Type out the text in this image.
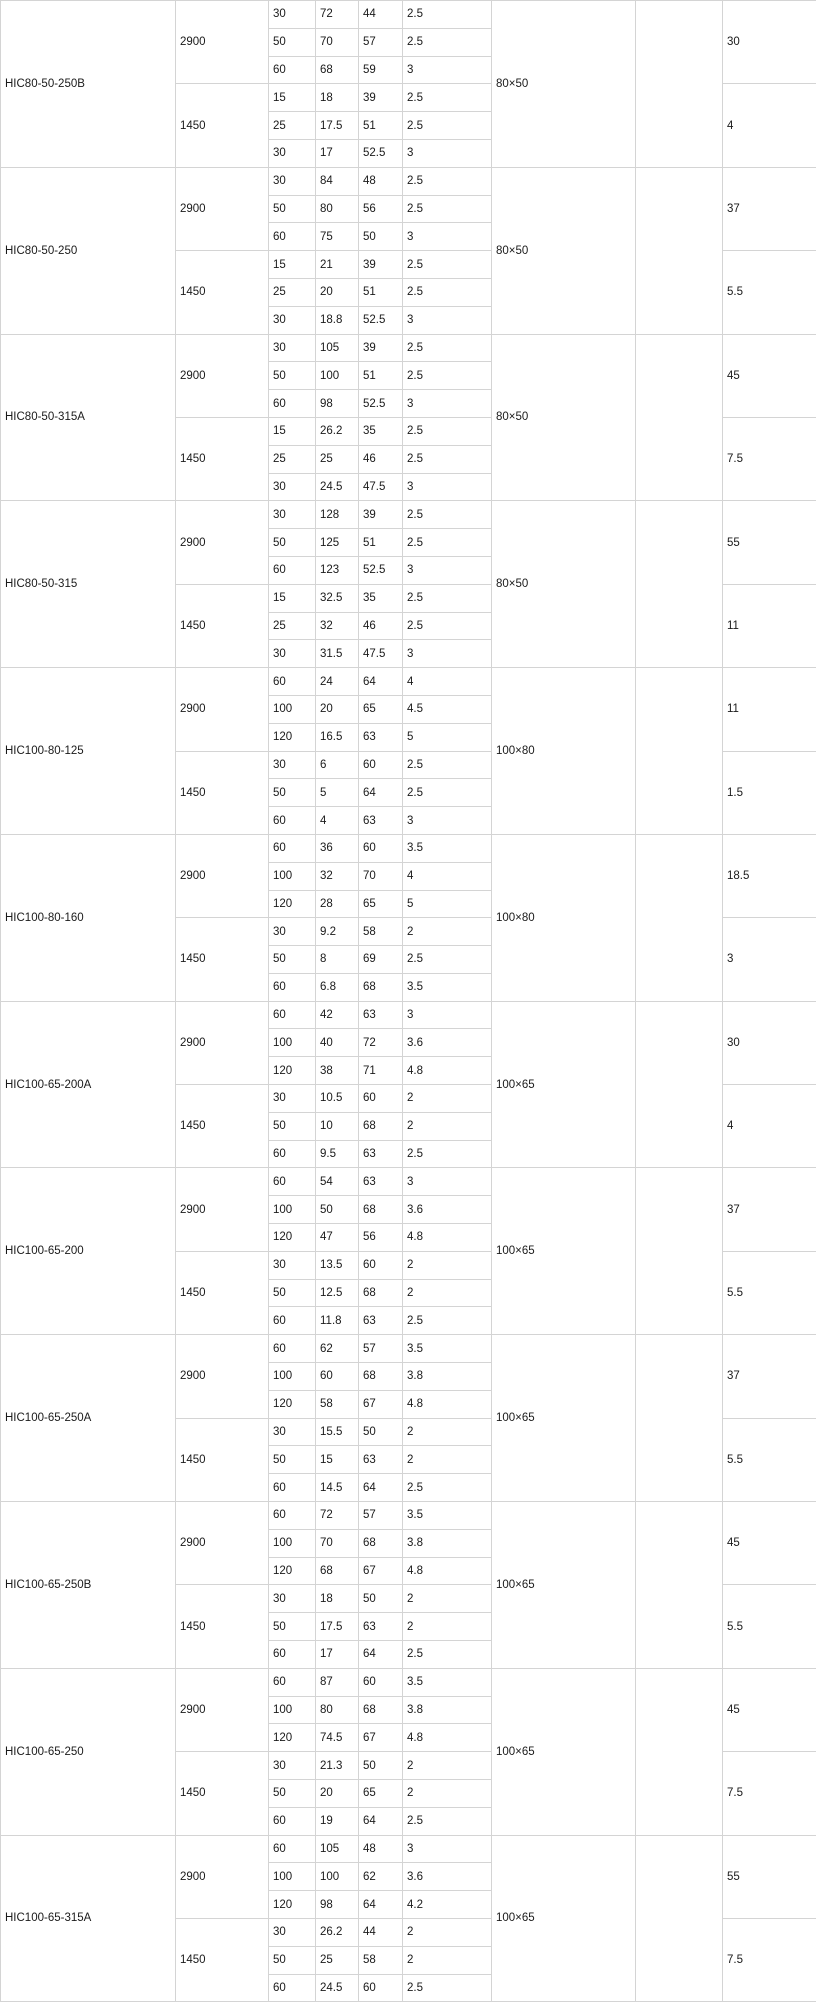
HIC80-50-250B	2900	30	72	44	2.5	80×50		30	
		50	70	57	2.5				
		60	68	59	3				
	1450	15	18	39	2.5			4	
		25	17.5	51	2.5				
		30	17	52.5	3				
HIC80-50-250	2900	30	84	48	2.5	80×50		37	
		50	80	56	2.5				
		60	75	50	3				
	1450	15	21	39	2.5			5.5	
		25	20	51	2.5				
		30	18.8	52.5	3				
HIC80-50-315A	2900	30	105	39	2.5	80×50		45	
		50	100	51	2.5				
		60	98	52.5	3				
	1450	15	26.2	35	2.5			7.5	
		25	25	46	2.5				
		30	24.5	47.5	3				
HIC80-50-315	2900	30	128	39	2.5	80×50		55	
		50	125	51	2.5				
		60	123	52.5	3				
	1450	15	32.5	35	2.5			11	
		25	32	46	2.5				
		30	31.5	47.5	3				
HIC100-80-125	2900	60	24	64	4	100×80		11	
		100	20	65	4.5				
		120	16.5	63	5				
	1450	30	6	60	2.5			1.5	
		50	5	64	2.5				
		60	4	63	3				
HIC100-80-160	2900	60	36	60	3.5	100×80		18.5	
		100	32	70	4				
		120	28	65	5				
	1450	30	9.2	58	2			3	
		50	8	69	2.5				
		60	6.8	68	3.5				
HIC100-65-200A	2900	60	42	63	3	100×65		30	
		100	40	72	3.6				
		120	38	71	4.8				
	1450	30	10.5	60	2			4	
		50	10	68	2				
		60	9.5	63	2.5				
HIC100-65-200	2900	60	54	63	3	100×65		37	
		100	50	68	3.6				
		120	47	56	4.8				
	1450	30	13.5	60	2			5.5	
		50	12.5	68	2				
		60	11.8	63	2.5				
HIC100-65-250A	2900	60	62	57	3.5	100×65		37	
		100	60	68	3.8				
		120	58	67	4.8				
	1450	30	15.5	50	2			5.5	
		50	15	63	2				
		60	14.5	64	2.5				
HIC100-65-250B	2900	60	72	57	3.5	100×65		45	
		100	70	68	3.8				
		120	68	67	4.8				
	1450	30	18	50	2			5.5	
		50	17.5	63	2				
		60	17	64	2.5				
HIC100-65-250	2900	60	87	60	3.5	100×65		45	
		100	80	68	3.8				
		120	74.5	67	4.8				
	1450	30	21.3	50	2			7.5	
		50	20	65	2				
		60	19	64	2.5				
HIC100-65-315A	2900	60	105	48	3	100×65		55	
		100	100	62	3.6				
		120	98	64	4.2				
	1450	30	26.2	44	2			7.5	
		50	25	58	2				
		60	24.5	60	2.5				
